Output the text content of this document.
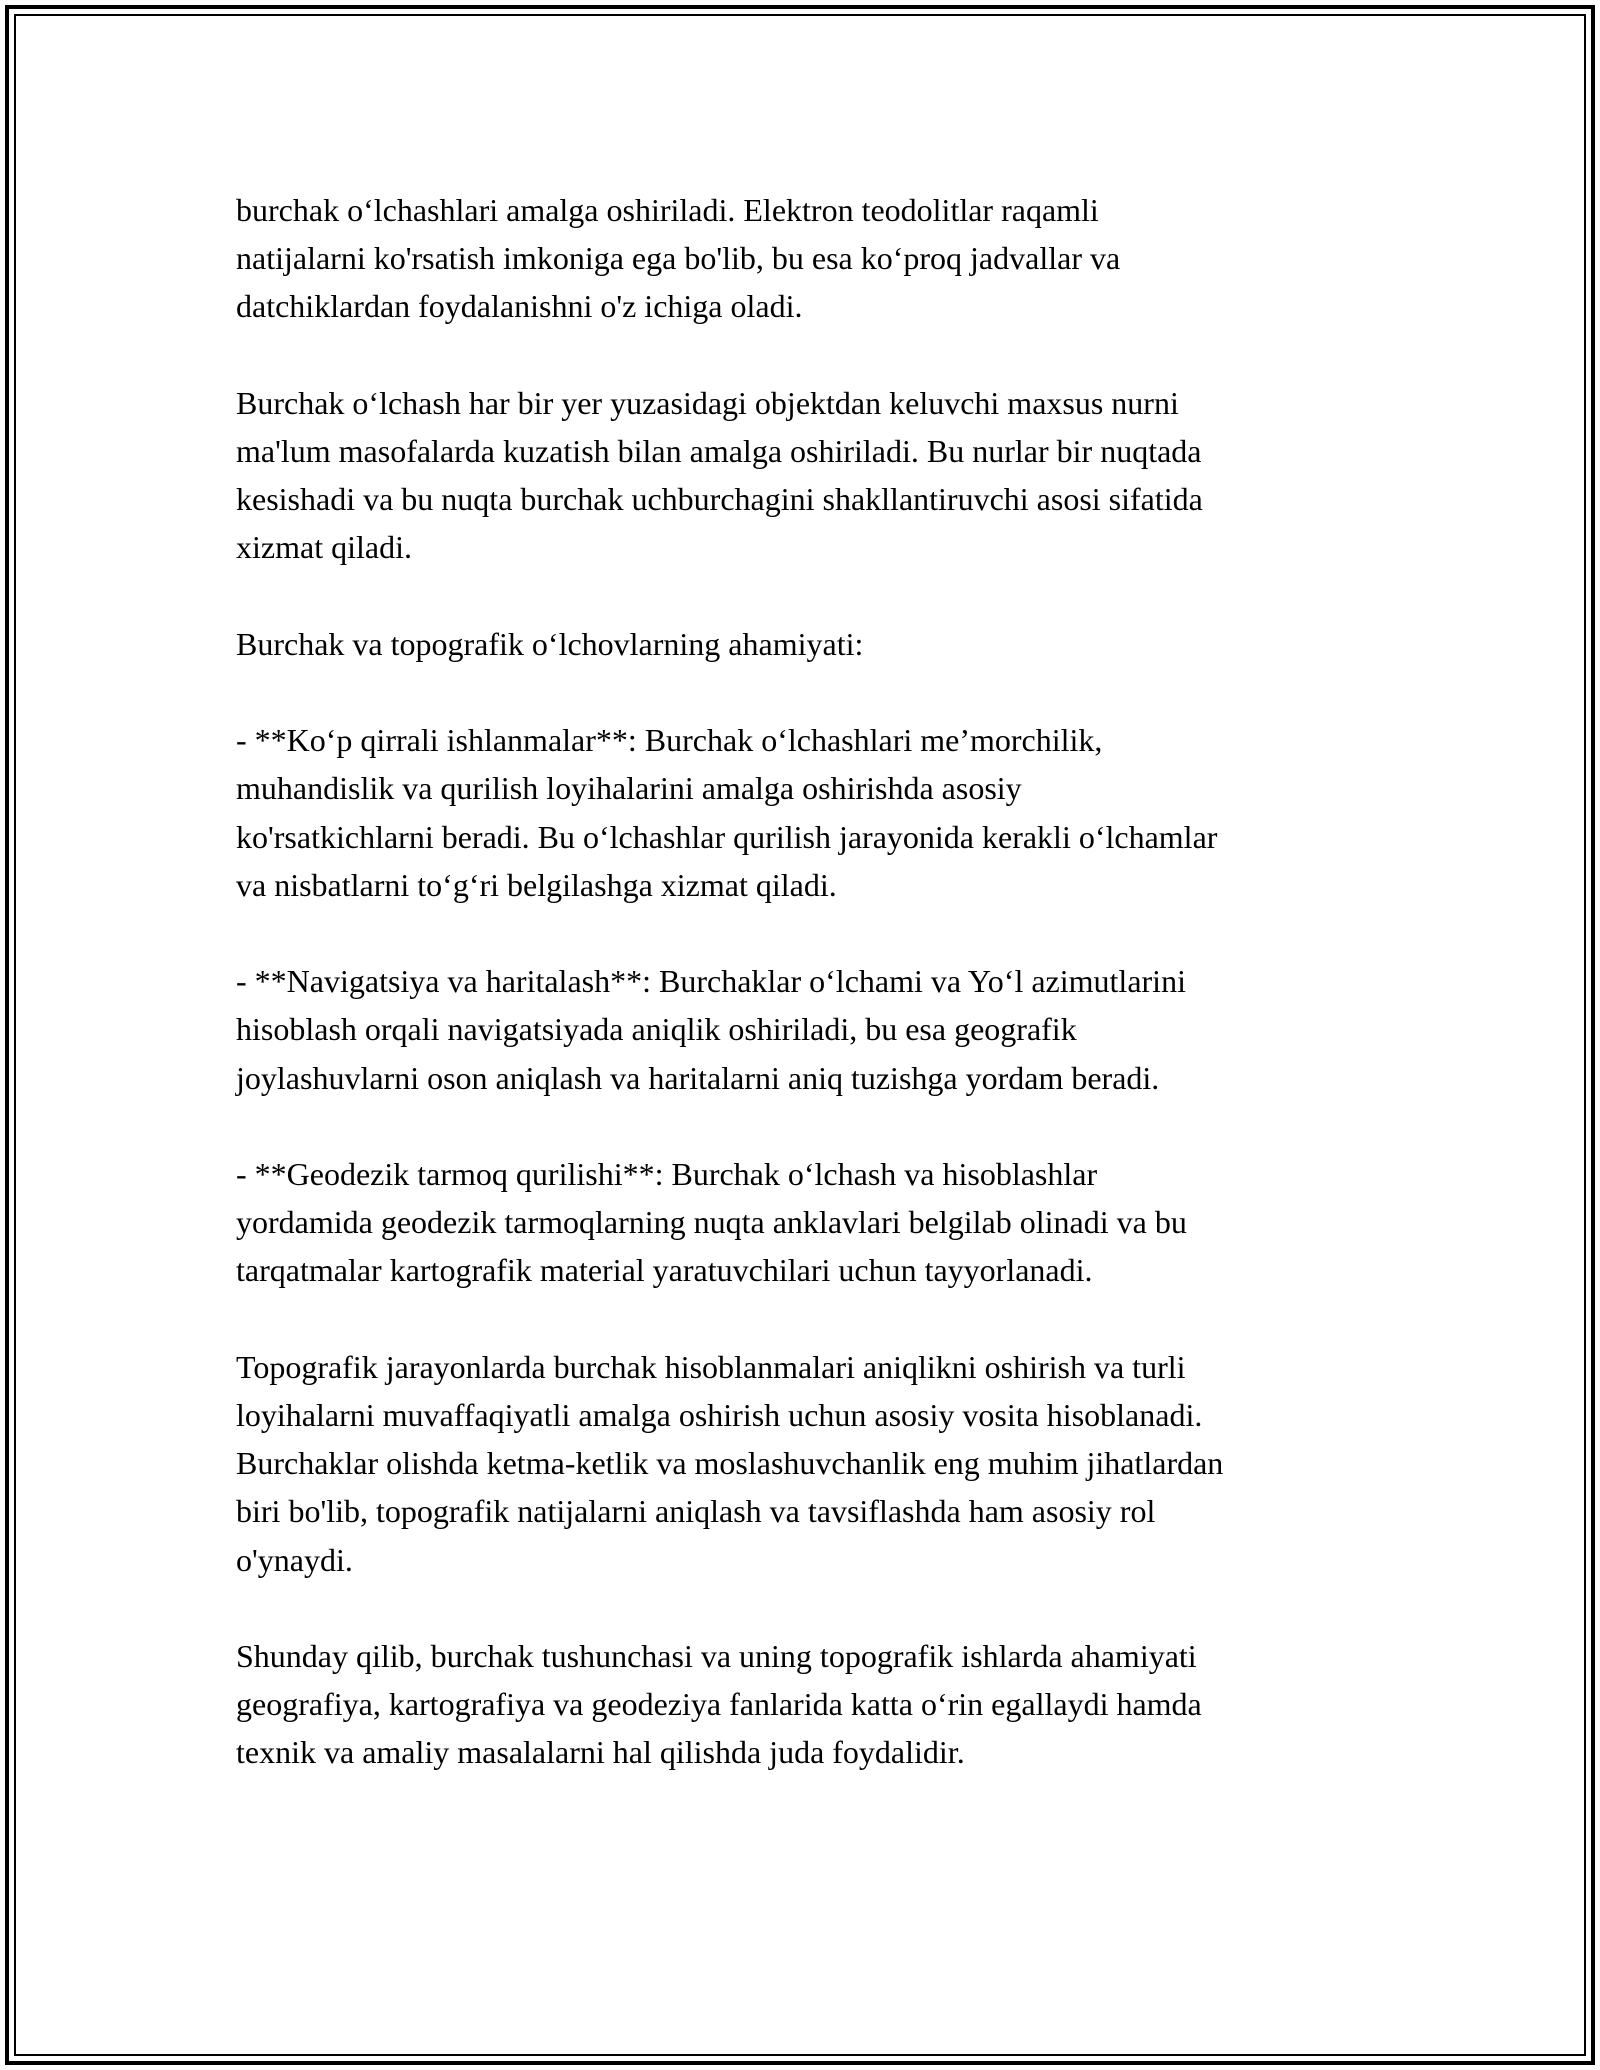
burchak o‘lchashlari amalga oshiriladi. Elektron teodolitlar raqamli
natijalarni ko'rsatish imkoniga ega bo'lib, bu esa ko‘proq jadvallar va
datchiklardan foydalanishni o'z ichiga oladi.

Burchak o‘lchash har bir yer yuzasidagi objektdan keluvchi maxsus nurni
ma'lum masofalarda kuzatish bilan amalga oshiriladi. Bu nurlar bir nuqtada
kesishadi va bu nuqta burchak uchburchagini shakllantiruvchi asosi sifatida
xizmat qiladi.

Burchak va topografik o‘lchovlarning ahamiyati:

- **Ko‘p qirrali ishlanmalar**: Burchak o‘lchashlari me’morchilik,
muhandislik va qurilish loyihalarini amalga oshirishda asosiy
ko'rsatkichlarni beradi. Bu o‘lchashlar qurilish jarayonida kerakli o‘lchamlar
va nisbatlarni to‘g‘ri belgilashga xizmat qiladi.

- **Navigatsiya va haritalash**: Burchaklar o‘lchami va Yo‘l azimutlarini
hisoblash orqali navigatsiyada aniqlik oshiriladi, bu esa geografik
joylashuvlarni oson aniqlash va haritalarni aniq tuzishga yordam beradi.

- **Geodezik tarmoq qurilishi**: Burchak o‘lchash va hisoblashlar
yordamida geodezik tarmoqlarning nuqta anklavlari belgilab olinadi va bu
tarqatmalar kartografik material yaratuvchilari uchun tayyorlanadi.

Topografik jarayonlarda burchak hisoblanmalari aniqlikni oshirish va turli
loyihalarni muvaffaqiyatli amalga oshirish uchun asosiy vosita hisoblanadi.
Burchaklar olishda ketma-ketlik va moslashuvchanlik eng muhim jihatlardan
biri bo'lib, topografik natijalarni aniqlash va tavsiflashda ham asosiy rol
o'ynaydi.

Shunday qilib, burchak tushunchasi va uning topografik ishlarda ahamiyati
geografiya, kartografiya va geodeziya fanlarida katta o‘rin egallaydi hamda
texnik va amaliy masalalarni hal qilishda juda foydalidir.
